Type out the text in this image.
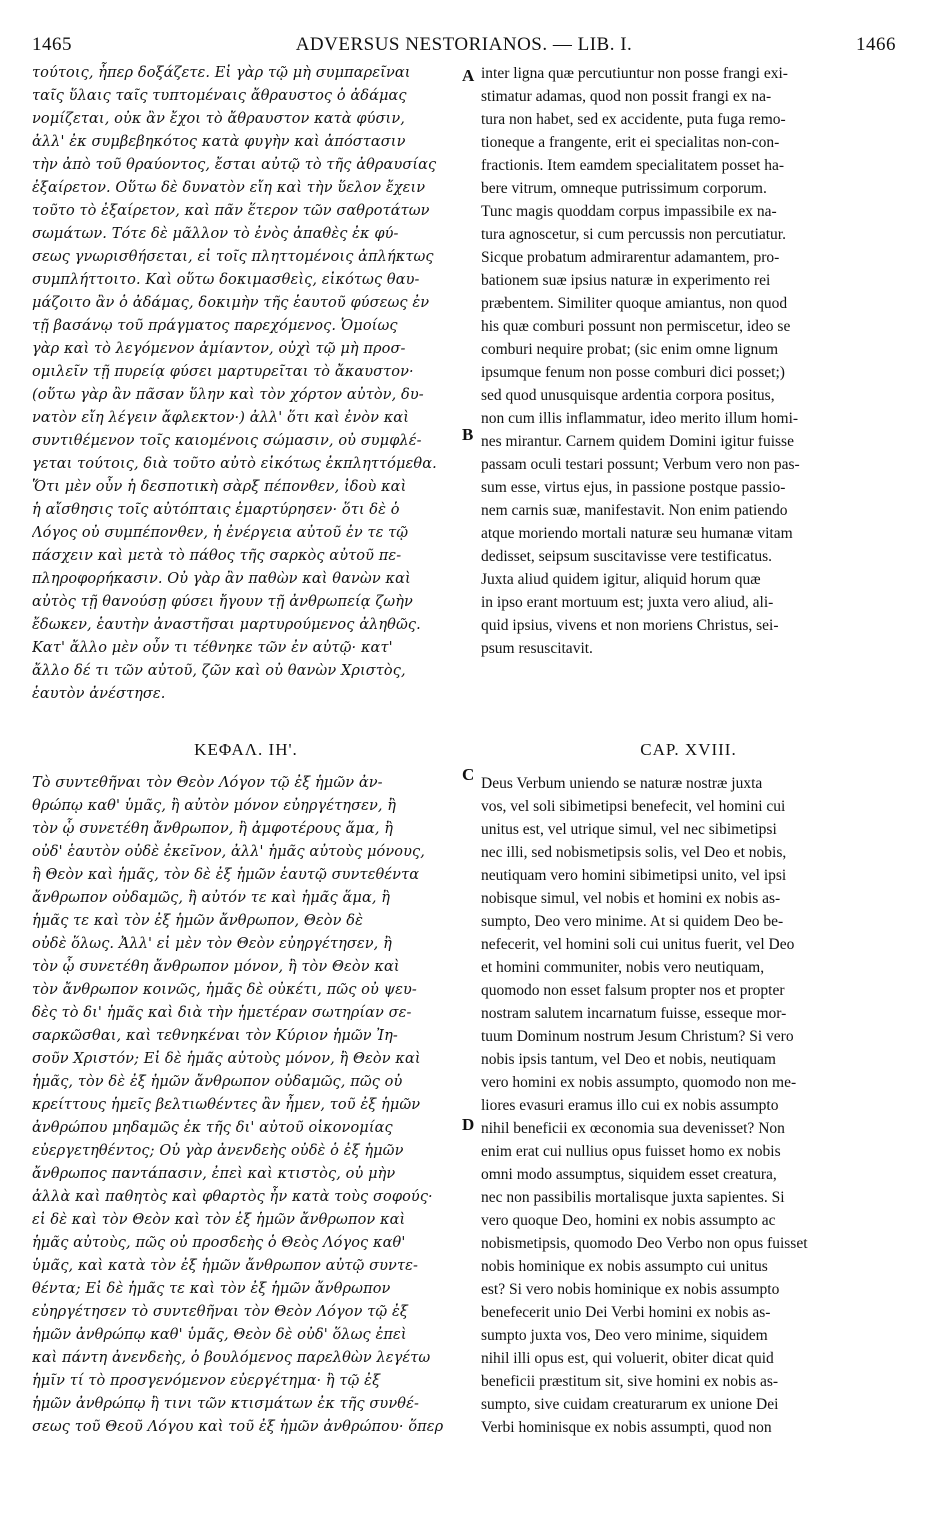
ADVERSUS NESTORIANOS. — LIB. I.
1465	1466
τούτοις, ἧπερ δοξάζετε. Εἰ γὰρ τῷ μὴ συμπαρεῖναι
ταῖς ὕλαις ταῖς τυπτομέναις ἄθραυστος ὁ ἀδάμας
νομίζεται, οὐκ ἂν ἔχοι τὸ ἄθραυστον κατὰ φύσιν,
ἀλλ' ἐκ συμβεβηκότος κατὰ φυγὴν καὶ ἀπόστασιν
τὴν ἀπὸ τοῦ θραύοντος, ἔσται αὐτῷ τὸ τῆς ἀθραυσίας
ἐξαίρετον. Οὕτω δὲ δυνατὸν εἴη καὶ τὴν ὕελον ἔχειν
τοῦτο τὸ ἐξαίρετον, καὶ πᾶν ἕτερον τῶν σαθροτάτων
σωμάτων. Τότε δὲ μᾶλλον τὸ ἐνὸς ἀπαθὲς ἐκ φύ-
σεως γνωρισθήσεται, εἰ τοῖς πληττομένοις ἀπλήκτως
συμπλήττοιτο. Καὶ οὕτω δοκιμασθεὶς, εἰκότως θαυ-
μάζοιτο ἂν ὁ ἀδάμας, δοκιμὴν τῆς ἑαυτοῦ φύσεως ἐν
τῇ βασάνῳ τοῦ πράγματος παρεχόμενος. Ὁμοίως
γὰρ καὶ τὸ λεγόμενον ἀμίαντον, οὐχὶ τῷ μὴ προσ-
ομιλεῖν τῇ πυρείᾳ φύσει μαρτυρεῖται τὸ ἄκαυστον·
(οὕτω γὰρ ἂν πᾶσαν ὕλην καὶ τὸν χόρτον αὐτὸν, δυ-
νατὸν εἴη λέγειν ἄφλεκτον·) ἀλλ' ὅτι καὶ ἐνὸν καὶ
συντιθέμενον τοῖς καιομένοις σώμασιν, οὐ συμφλέ-
γεται τούτοις, διὰ τοῦτο αὐτὸ εἰκότως ἐκπληττόμεθα.
Ὅτι μὲν οὖν ἡ δεσποτικὴ σὰρξ πέπονθεν, ἰδοὺ καὶ
ἡ αἴσθησις τοῖς αὐτόπταις ἐμαρτύρησεν· ὅτι δὲ ὁ
Λόγος οὐ συμπέπονθεν, ἡ ἐνέργεια αὐτοῦ ἐν τε τῷ
πάσχειν καὶ μετὰ τὸ πάθος τῆς σαρκὸς αὐτοῦ πε-
πληροφορήκασιν. Οὐ γὰρ ἂν παθὼν καὶ θανὼν καὶ
αὐτὸς τῇ θανούσῃ φύσει ἤγουν τῇ ἀνθρωπείᾳ ζωὴν
ἔδωκεν, ἑαυτὴν ἀναστῆσαι μαρτυρούμενος ἀληθῶς.
Κατ' ἄλλο μὲν οὖν τι τέθνηκε τῶν ἐν αὐτῷ· κατ'
ἄλλο δέ τι τῶν αὐτοῦ, ζῶν καὶ οὐ θανὼν Χριστὸς,
ἑαυτὸν ἀνέστησε.
inter ligna quæ percutiuntur non posse frangi exi-
stimatur adamas, quod non possit frangi ex na-
tura non habet, sed ex accidente, puta fuga remo-
tioneque a frangente, erit ei specialitas non-con-
fractionis. Item eamdem specialitatem posset ha-
bere vitrum, omneque putrissimum corporum.
Tunc magis quoddam corpus impassibile ex na-
tura agnoscetur, si cum percussis non percutiatur.
Sicque probatum admirarentur adamantem, pro-
bationem suæ ipsius naturæ in experimento rei
præbentem. Similiter quoque amiantus, non quod
his quæ comburi possunt non permiscetur, ideo se
comburi nequire probat; (sic enim omne lignum
ipsumque fenum non posse comburi dici posset;)
sed quod unusquisque ardentia corpora positus,
non cum illis inflammatur, ideo merito illum homi-
nes mirantur. Carnem quidem Domini igitur fuisse
passam oculi testari possunt; Verbum vero non pas-
sum esse, virtus ejus, in passione postque passio-
nem carnis suæ, manifestavit. Non enim patiendo
atque moriendo mortali naturæ seu humanæ vitam
dedisset, seipsum suscitavisse vere testificatus.
Juxta aliud quidem igitur, aliquid horum quæ
in ipso erant mortuum est; juxta vero aliud, ali-
quid ipsius, vivens et non moriens Christus, sei-
psum resuscitavit.
A
B
C
D
ΚΕΦΑΛ. ΙΗ'.	CAP. XVIII.
Τὸ συντεθῆναι τὸν Θεὸν Λόγον τῷ ἐξ ἡμῶν ἀν-
θρώπῳ καθ' ὑμᾶς, ἢ αὐτὸν μόνον εὐηργέτησεν, ἢ
τὸν ᾧ συνετέθη ἄνθρωπον, ἢ ἀμφοτέρους ἅμα, ἢ
οὐδ' ἑαυτὸν οὐδὲ ἐκεῖνον, ἀλλ' ἡμᾶς αὐτοὺς μόνους,
ἢ Θεὸν καὶ ἡμᾶς, τὸν δὲ ἐξ ἡμῶν ἑαυτῷ συντεθέντα
ἄνθρωπον οὐδαμῶς, ἢ αὐτόν τε καὶ ἡμᾶς ἅμα, ἢ
ἡμᾶς τε καὶ τὸν ἐξ ἡμῶν ἄνθρωπον, Θεὸν δὲ
οὐδὲ ὅλως. Ἀλλ' εἰ μὲν τὸν Θεὸν εὐηργέτησεν, ἢ
τὸν ᾧ συνετέθη ἄνθρωπον μόνον, ἢ τὸν Θεὸν καὶ
τὸν ἄνθρωπον κοινῶς, ἡμᾶς δὲ οὐκέτι, πῶς οὐ ψευ-
δὲς τὸ δι' ἡμᾶς καὶ διὰ τὴν ἡμετέραν σωτηρίαν σε-
σαρκῶσθαι, καὶ τεθνηκέναι τὸν Κύριον ἡμῶν Ἰη-
σοῦν Χριστόν; Εἰ δὲ ἡμᾶς αὐτοὺς μόνον, ἢ Θεὸν καὶ
ἡμᾶς, τὸν δὲ ἐξ ἡμῶν ἄνθρωπον οὐδαμῶς, πῶς οὐ
κρείττους ἡμεῖς βελτιωθέντες ἂν ἦμεν, τοῦ ἐξ ἡμῶν
ἀνθρώπου μηδαμῶς ἐκ τῆς δι' αὐτοῦ οἰκονομίας
εὐεργετηθέντος; Οὐ γὰρ ἀνενδεὴς οὐδὲ ὁ ἐξ ἡμῶν
ἄνθρωπος παντάπασιν, ἐπεὶ καὶ κτιστὸς, οὐ μὴν
ἀλλὰ καὶ παθητὸς καὶ φθαρτὸς ἦν κατὰ τοὺς σοφούς·
εἰ δὲ καὶ τὸν Θεὸν καὶ τὸν ἐξ ἡμῶν ἄνθρωπον καὶ
ἡμᾶς αὐτοὺς, πῶς οὐ προσδεὴς ὁ Θεὸς Λόγος καθ'
ὑμᾶς, καὶ κατὰ τὸν ἐξ ἡμῶν ἄνθρωπον αὐτῷ συντε-
θέντα; Εἰ δὲ ἡμᾶς τε καὶ τὸν ἐξ ἡμῶν ἄνθρωπον
εὐηργέτησεν τὸ συντεθῆναι τὸν Θεὸν Λόγον τῷ ἐξ
ἡμῶν ἀνθρώπῳ καθ' ὑμᾶς, Θεὸν δὲ οὐδ' ὅλως ἐπεὶ
καὶ πάντη ἀνενδεὴς, ὁ βουλόμενος παρελθὼν λεγέτω
ἡμῖν τί τὸ προσγενόμενον εὐεργέτημα· ἢ τῷ ἐξ
ἡμῶν ἀνθρώπῳ ἢ τινι τῶν κτισμάτων ἐκ τῆς συνθέ-
σεως τοῦ Θεοῦ Λόγου καὶ τοῦ ἐξ ἡμῶν ἀνθρώπου· ὅπερ
Deus Verbum uniendo se naturæ nostræ juxta
vos, vel soli sibimetipsi benefecit, vel homini cui
unitus est, vel utrique simul, vel nec sibimetipsi
nec illi, sed nobismetipsis solis, vel Deo et nobis,
neutiquam vero homini sibimetipsi unito, vel ipsi
nobisque simul, vel nobis et homini ex nobis as-
sumpto, Deo vero minime. At si quidem Deo be-
nefecerit, vel homini soli cui unitus fuerit, vel Deo
et homini communiter, nobis vero neutiquam,
quomodo non esset falsum propter nos et propter
nostram salutem incarnatum fuisse, esseque mor-
tuum Dominum nostrum Jesum Christum? Si vero
nobis ipsis tantum, vel Deo et nobis, neutiquam
vero homini ex nobis assumpto, quomodo non me-
liores evasuri eramus illo cui ex nobis assumpto
nihil beneficii ex œconomia sua devenisset? Non
enim erat cui nullius opus fuisset homo ex nobis
omni modo assumptus, siquidem esset creatura,
nec non passibilis mortalisque juxta sapientes. Si
vero quoque Deo, homini ex nobis assumpto ac
nobismetipsis, quomodo Deo Verbo non opus fuisset
nobis hominique ex nobis assumpto cui unitus
est? Si vero nobis hominique ex nobis assumpto
benefecerit unio Dei Verbi homini ex nobis as-
sumpto juxta vos, Deo vero minime, siquidem
nihil illi opus est, qui voluerit, obiter dicat quid
beneficii præstitum sit, sive homini ex nobis as-
sumpto, sive cuidam creaturarum ex unione Dei
Verbi hominisque ex nobis assumpti, quod non
